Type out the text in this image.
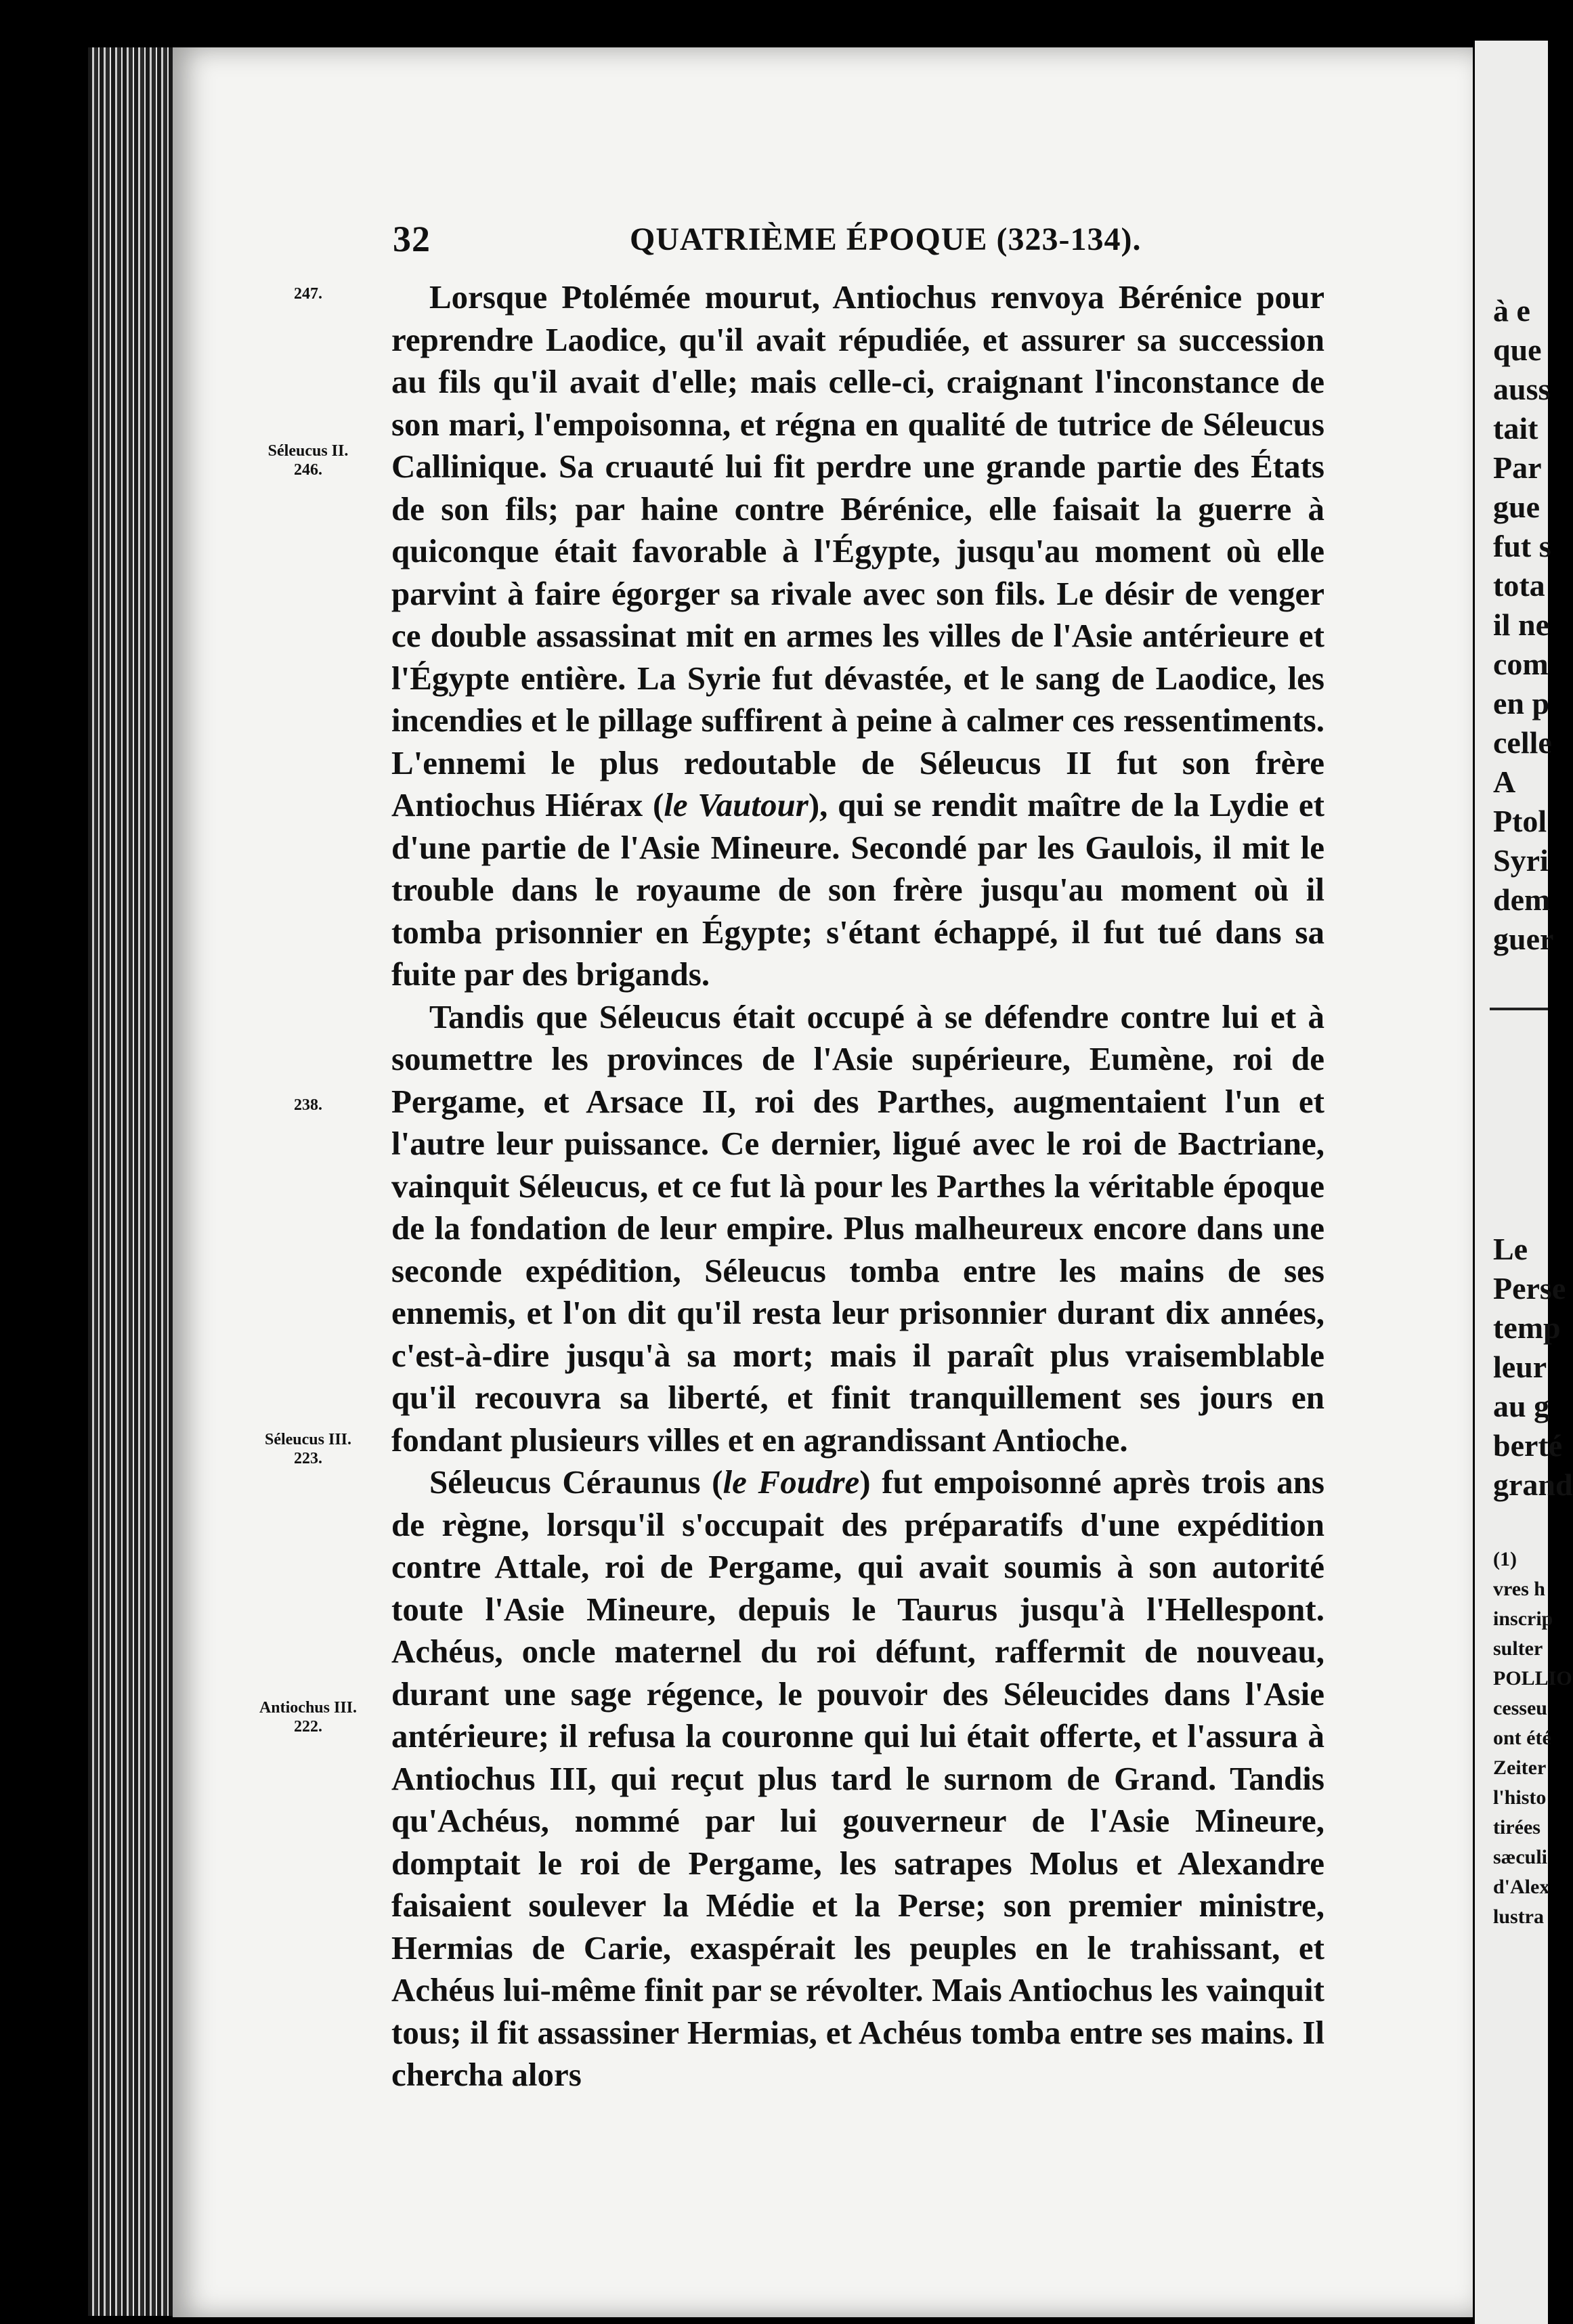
32	QUATRIÈME ÉPOQUE (323-134).
247.
Séleucus II.
246.
238.
Séleucus III.
223.
Antiochus III.
222.

Lorsque Ptolémée mourut, Antiochus renvoya Bérénice pour reprendre Laodice, qu'il avait répudiée, et assurer sa succession au fils qu'il avait d'elle; mais celle-ci, craignant l'inconstance de son mari, l'empoisonna, et régna en qualité de tutrice de Séleucus Callinique. Sa cruauté lui fit perdre une grande partie des États de son fils; par haine contre Bérénice, elle faisait la guerre à quiconque était favorable à l'Égypte, jusqu'au moment où elle parvint à faire égorger sa rivale avec son fils. Le désir de venger ce double assassinat mit en armes les villes de l'Asie antérieure et l'Égypte entière. La Syrie fut dévastée, et le sang de Laodice, les incendies et le pillage suffirent à peine à calmer ces ressentiments. L'ennemi le plus redoutable de Séleucus II fut son frère Antiochus Hiérax (le Vautour), qui se rendit maître de la Lydie et d'une partie de l'Asie Mineure. Secondé par les Gaulois, il mit le trouble dans le royaume de son frère jusqu'au moment où il tomba prisonnier en Égypte; s'étant échappé, il fut tué dans sa fuite par des brigands.

Tandis que Séleucus était occupé à se défendre contre lui et à soumettre les provinces de l'Asie supérieure, Eumène, roi de Pergame, et Arsace II, roi des Parthes, augmentaient l'un et l'autre leur puissance. Ce dernier, ligué avec le roi de Bactriane, vainquit Séleucus, et ce fut là pour les Parthes la véritable époque de la fondation de leur empire. Plus malheureux encore dans une seconde expédition, Séleucus tomba entre les mains de ses ennemis, et l'on dit qu'il resta leur prisonnier durant dix années, c'est-à-dire jusqu'à sa mort; mais il paraît plus vraisemblable qu'il recouvra sa liberté, et finit tranquillement ses jours en fondant plusieurs villes et en agrandissant Antioche.

Séleucus Céraunus (le Foudre) fut empoisonné après trois ans de règne, lorsqu'il s'occupait des préparatifs d'une expédition contre Attale, roi de Pergame, qui avait soumis à son autorité toute l'Asie Mineure, depuis le Taurus jusqu'à l'Hellespont. Achéus, oncle maternel du roi défunt, raffermit de nouveau, durant une sage régence, le pouvoir des Séleucides dans l'Asie antérieure; il refusa la couronne qui lui était offerte, et l'assura à Antiochus III, qui reçut plus tard le surnom de Grand. Tandis qu'Achéus, nommé par lui gouverneur de l'Asie Mineure, domptait le roi de Pergame, les satrapes Molus et Alexandre faisaient soulever la Médie et la Perse; son premier ministre, Hermias de Carie, exaspérait les peuples en le trahissant, et Achéus lui-même finit par se révolter. Mais Antiochus les vainquit tous; il fit assassiner Hermias, et Achéus tomba entre ses mains. Il chercha alors

à e
que
auss
tait
Par
gue
fut s
tota
il ne
com
en p
celle
A
Ptol
Syri
dem
guer
Le
Perse
temp
leur
au g
berté
grand
(1)
vres h
inscrip
sulter
POLLIO
cesseu
ont été
Zeiter
l'histo
tirées
sæculi
d'Alex
lustra
